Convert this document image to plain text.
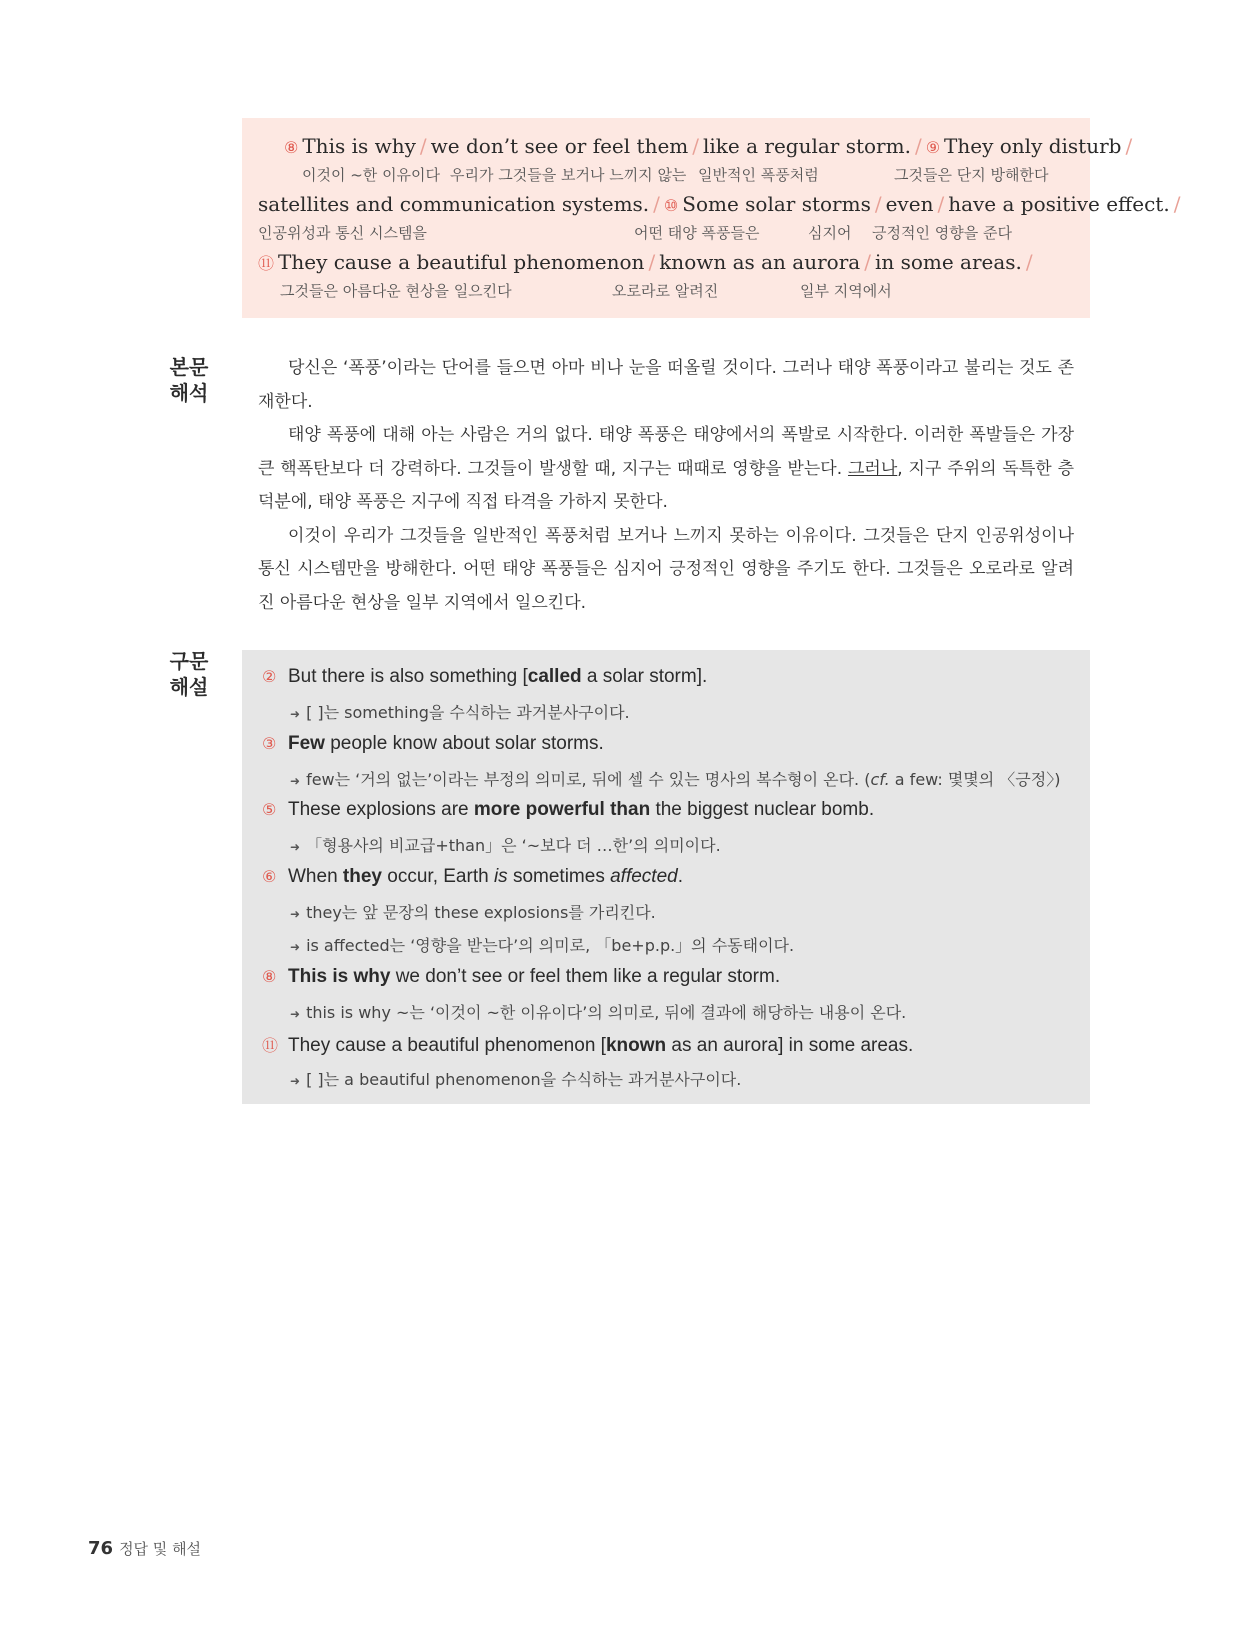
⑧ This is why / we don’t see or feel them / like a regular storm. / ⑨ They only disturb /
이것이 ~한 이유이다 우리가 그것들을 보거나 느끼지 않는 일반적인 폭풍처럼	그것들은 단지 방해한다
satellites and communication systems. / ⑩ Some solar storms / even / have a positive effect. /
인공위성과 통신 시스템을	어떤 태양 폭풍들은	심지어 긍정적인 영향을 준다
⑪ They cause a beautiful phenomenon / known as an aurora / in some areas. /
그것들은 아름다운 현상을 일으킨다	오로라로 알려진	일부 지역에서
본문
해석

당신은 ‘폭풍’이라는 단어를 들으면 아마 비나 눈을 떠올릴 것이다. 그러나 태양 폭풍이라고 불리는 것도 존재한다.

태양 폭풍에 대해 아는 사람은 거의 없다. 태양 폭풍은 태양에서의 폭발로 시작한다. 이러한 폭발들은 가장 큰 핵폭탄보다 더 강력하다. 그것들이 발생할 때, 지구는 때때로 영향을 받는다. 그러나, 지구 주위의 독특한 층 덕분에, 태양 폭풍은 지구에 직접 타격을 가하지 못한다.

이것이 우리가 그것들을 일반적인 폭풍처럼 보거나 느끼지 못하는 이유이다. 그것들은 단지 인공위성이나 통신 시스템만을 방해한다. 어떤 태양 폭풍들은 심지어 긍정적인 영향을 주기도 한다. 그것들은 오로라로 알려진 아름다운 현상을 일부 지역에서 일으킨다.

구문
해설	② But there is also something [called a solar storm].
➜ [ ]는 something을 수식하는 과거분사구이다.
③ Few people know about solar storms.
➜ few는 ‘거의 없는’이라는 부정의 의미로, 뒤에 셀 수 있는 명사의 복수형이 온다. (cf. a few: 몇몇의 〈긍정〉)
⑤ These explosions are more powerful than the biggest nuclear bomb.
➜ 「형용사의 비교급+than」은 ‘~보다 더 …한’의 의미이다.
⑥ When they occur, Earth is sometimes affected.
➜ they는 앞 문장의 these explosions를 가리킨다.
➜ is affected는 ‘영향을 받는다’의 의미로, 「be+p.p.」의 수동태이다.
⑧ This is why we don’t see or feel them like a regular storm.
➜ this is why ~는 ‘이것이 ~한 이유이다’의 의미로, 뒤에 결과에 해당하는 내용이 온다.
⑪ They cause a beautiful phenomenon [known as an aurora] in some areas.
➜ [ ]는 a beautiful phenomenon을 수식하는 과거분사구이다.
76 정답 및 해설
